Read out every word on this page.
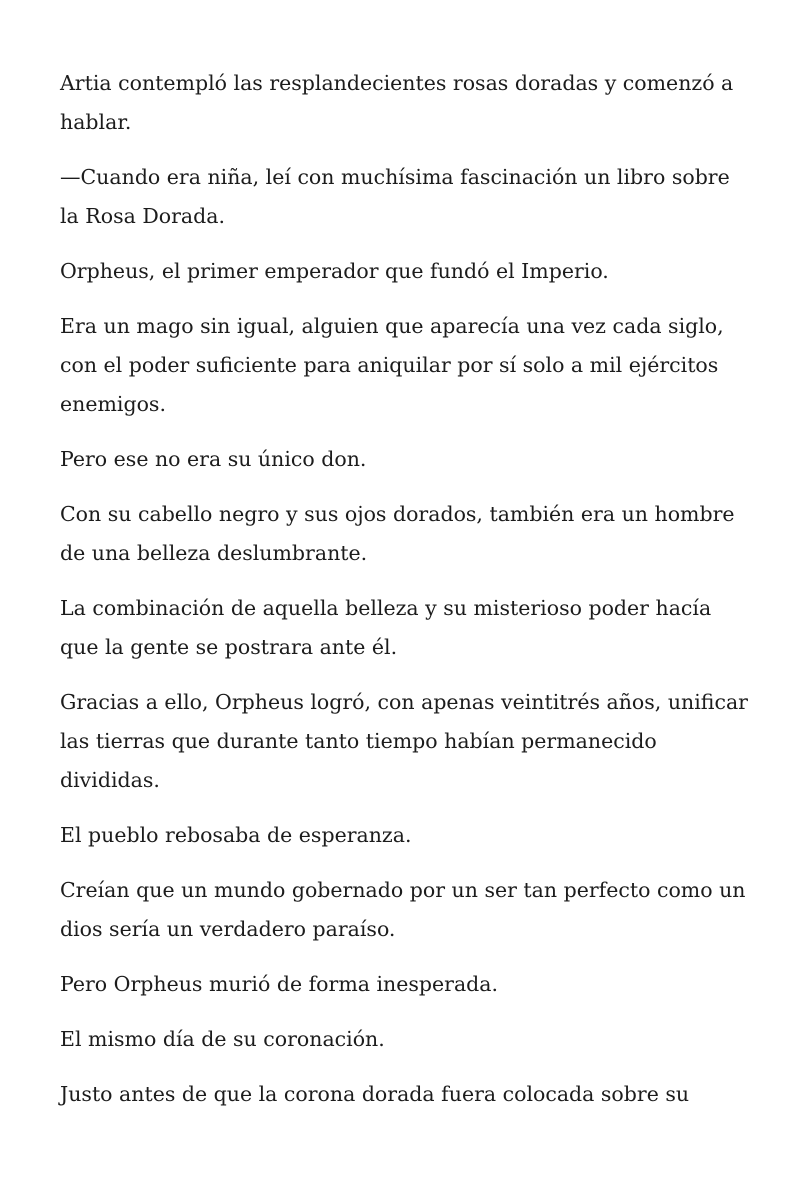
Artia contempló las resplandecientes rosas doradas y comenzó a hablar.

—Cuando era niña, leí con muchísima fascinación un libro sobre la Rosa Dorada.

Orpheus, el primer emperador que fundó el Imperio.

Era un mago sin igual, alguien que aparecía una vez cada siglo, con el poder suficiente para aniquilar por sí solo a mil ejércitos enemigos.

Pero ese no era su único don.

Con su cabello negro y sus ojos dorados, también era un hombre de una belleza deslumbrante.

La combinación de aquella belleza y su misterioso poder hacía que la gente se postrara ante él.

Gracias a ello, Orpheus logró, con apenas veintitrés años, unificar las tierras que durante tanto tiempo habían permanecido divididas.

El pueblo rebosaba de esperanza.

Creían que un mundo gobernado por un ser tan perfecto como un dios sería un verdadero paraíso.

Pero Orpheus murió de forma inesperada.

El mismo día de su coronación.

Justo antes de que la corona dorada fuera colocada sobre su
